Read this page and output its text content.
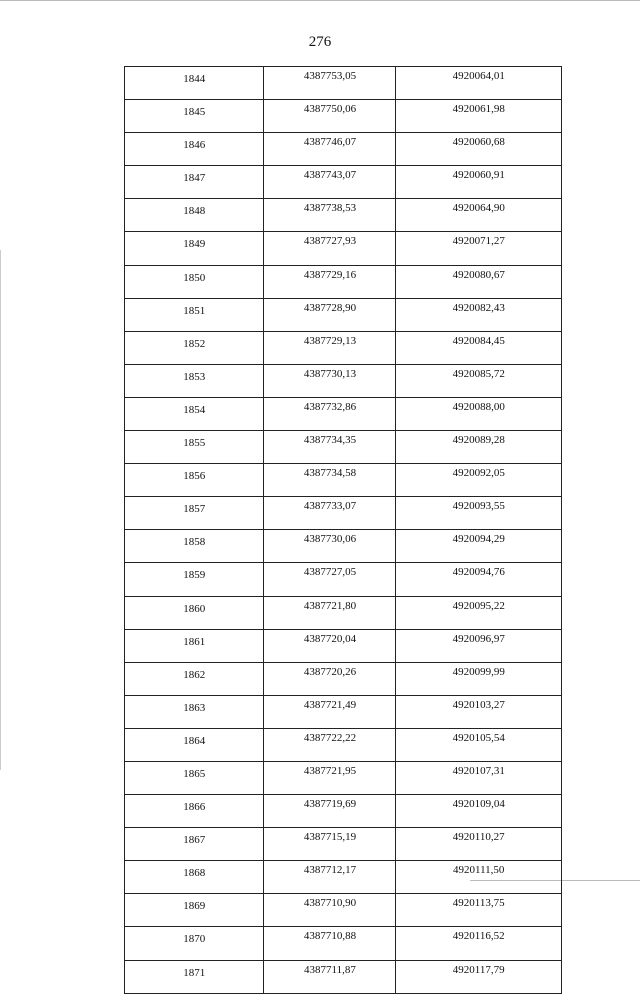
276
1844	4387753,05	4920064,01
1845	4387750,06	4920061,98
1846	4387746,07	4920060,68
1847	4387743,07	4920060,91
1848	4387738,53	4920064,90
1849	4387727,93	4920071,27
1850	4387729,16	4920080,67
1851	4387728,90	4920082,43
1852	4387729,13	4920084,45
1853	4387730,13	4920085,72
1854	4387732,86	4920088,00
1855	4387734,35	4920089,28
1856	4387734,58	4920092,05
1857	4387733,07	4920093,55
1858	4387730,06	4920094,29
1859	4387727,05	4920094,76
1860	4387721,80	4920095,22
1861	4387720,04	4920096,97
1862	4387720,26	4920099,99
1863	4387721,49	4920103,27
1864	4387722,22	4920105,54
1865	4387721,95	4920107,31
1866	4387719,69	4920109,04
1867	4387715,19	4920110,27
1868	4387712,17	4920111,50
1869	4387710,90	4920113,75
1870	4387710,88	4920116,52
1871	4387711,87	4920117,79
